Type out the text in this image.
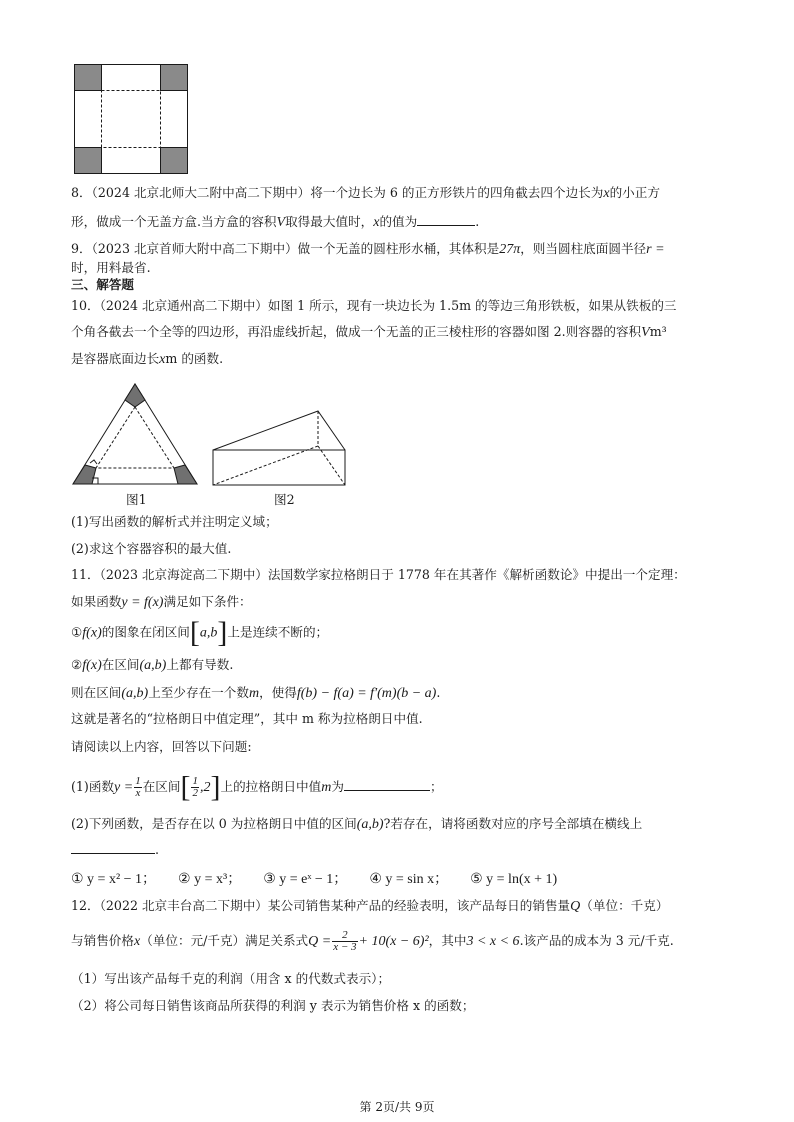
8．（2024 北京北师大二附中高二下期中）将一个边长为 6 的正方形铁片的四角截去四个边长为x的小正方
形，做成一个无盖方盒.当方盒的容积V取得最大值时，x的值为	.
9．（2023 北京首师大附中高二下期中）做一个无盖的圆柱形水桶，其体积是27π，则当圆柱底面圆半径r =
时，用料最省.
三、解答题
10．（2024 北京通州高二下期中）如图 1 所示，现有一块边长为 1.5m 的等边三角形铁板，如果从铁板的三
个角各截去一个全等的四边形，再沿虚线折起，做成一个无盖的正三棱柱形的容器如图 2.则容器的容积Vm³
是容器底面边长xm 的函数.
图1	图2
(1)写出函数的解析式并注明定义域；
(2)求这个容器容积的最大值.
11．（2023 北京海淀高二下期中）法国数学家拉格朗日于 1778 年在其著作《解析函数论》中提出一个定理：
如果函数y = f(x)满足如下条件：
①f(x)的图象在闭区间[a,b]上是连续不断的；
②f(x)在区间(a,b)上都有导数.
则在区间(a,b)上至少存在一个数m，使得f(b) − f(a) = f′(m)(b − a).
这就是著名的“拉格朗日中值定理”，其中 m 称为拉格朗日中值.
请阅读以上内容，回答以下问题:
(1)函数$y = \frac{1}{x}$ 在区间[ $\frac{1}{2} ,2$]上的拉格朗日中值m为	；
(2)下列函数，是否存在以 0 为拉格朗日中值的区间(a,b)?若存在，请将函数对应的序号全部填在横线上
.
① y = x² − 1； ② y = x³； ③ y = eˣ − 1； ④ y = sin x； ⑤ y = ln(x + 1)
12．（2022 北京丰台高二下期中）某公司销售某种产品的经验表明，该产品每日的销售量Q（单位：千克）
与销售价格x（单位：元/千克）满足关系式$Q = \frac{2}{x - 3} + 10(x - 6)^2$，其中3 < x < 6.该产品的成本为 3 元/千克.
（1）写出该产品每千克的利润（用含 x 的代数式表示）；
（2）将公司每日销售该商品所获得的利润 y 表示为销售价格 x 的函数；
第 2页/共 9页
